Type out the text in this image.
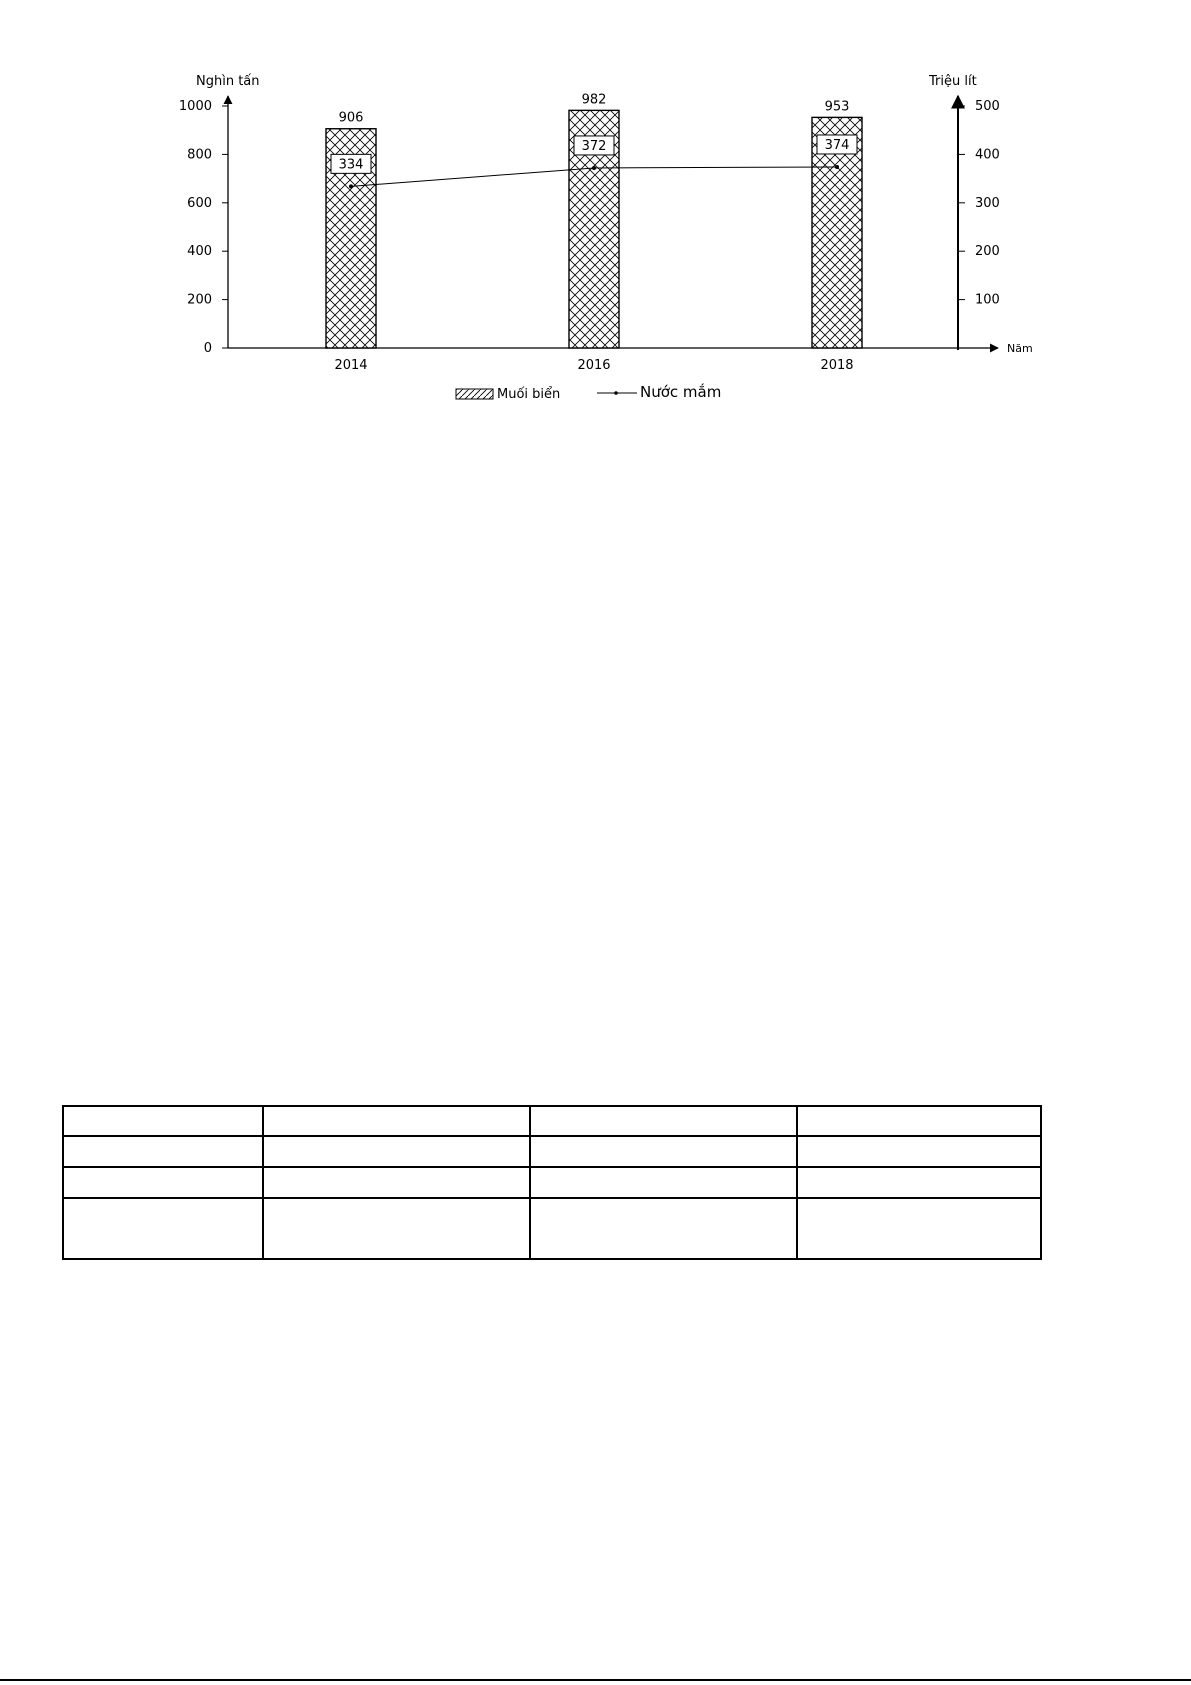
Nghìn tấn	Triệu lít
Năm
0
200
400
600
800
1000
100
200
300
400
500
906
982	953
334
372	374
2014	2016	2018
Muối biển	Nước mắm
